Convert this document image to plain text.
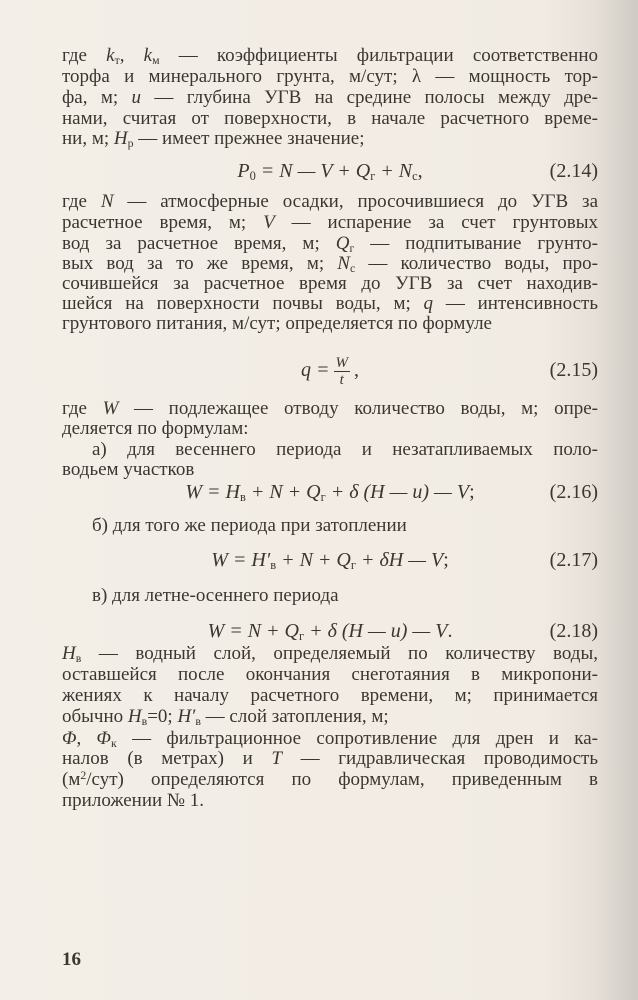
где $k_т$, $k_м$ — коэффициенты фильтрации соответственно
торфа и минерального грунта, м/сут; λ — мощность тор-
фа, м; u — глубина УГВ на средине полосы между дре-
нами, считая от поверхности, в начале расчетного време-
ни, м; $H_р$ — имеет прежнее значение;
$P_0 = N$ — $V + Q_г + N_с$,	(2.14)
где N — атмосферные осадки, просочившиеся до УГВ за
расчетное время, м; V — испарение за счет грунтовых
вод за расчетное время, м; $Q_г$ — подпитывание грунто-
вых вод за то же время, м; $N_с$ — количество воды, про-
сочившейся за расчетное время до УГВ за счет находив-
шейся на поверхности почвы воды, м; q — интенсивность
грунтового питания, м/сут; определяется по формуле
$q = \frac{W}{t}$ ,	(2.15)
где W — подлежащее отводу количество воды, м; опре-
деляется по формулам:
а) для весеннего периода и незатапливаемых поло-
водьем участков
$W = H_в + N + Q_г + \delta$ (H — u) — V;	(2.16)
б) для того же периода при затоплении
$W = H'_в + N + Q_г + \delta H$ — V;	(2.17)
в) для летне-осеннего периода
$W = N + Q_г + \delta$ (H — u) — V.	(2.18)
$H_в$ — водный слой, определяемый по количеству воды,
оставшейся после окончания снеготаяния в микропони-
жениях к началу расчетного времени, м; принимается
обычно $H_в=0$; $H'_в$ — слой затопления, м;
Φ, $\Phi_к$ — фильтрационное сопротивление для дрен и ка-
налов (в метрах) и T — гидравлическая проводимость
$(м^2/сут)$ определяются по формулам, приведенным в
приложении № 1.
16
